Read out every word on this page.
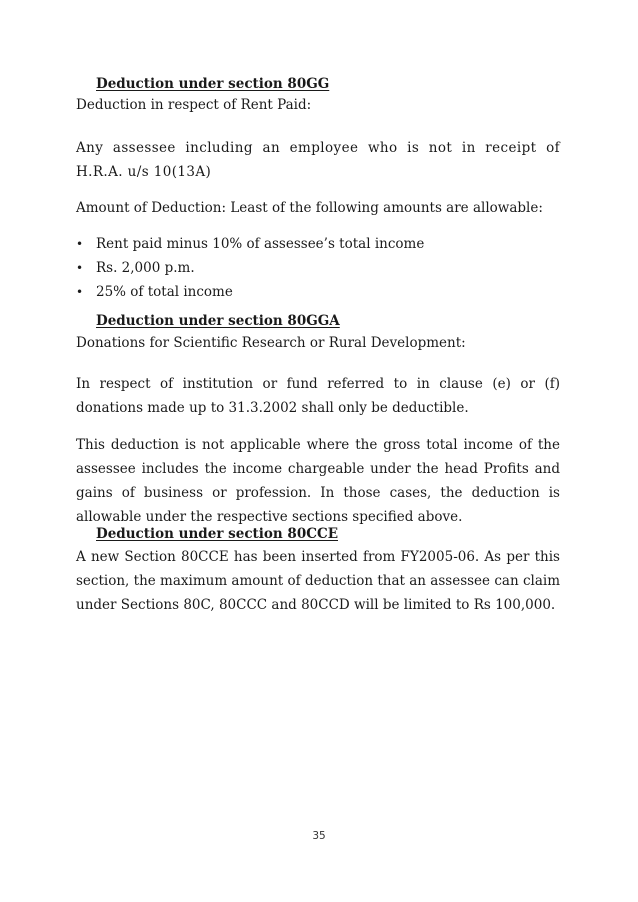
Deduction under section 80GG

Deduction in respect of Rent Paid:

Any assessee including an employee who is not in receipt of H.R.A. u/s 10(13A)

Amount of Deduction: Least of the following amounts are allowable:

• Rent paid minus 10% of assessee’s total income
• Rs. 2,000 p.m.
• 25% of total income
Deduction under section 80GGA

Donations for Scientific Research or Rural Development:

In respect of institution or fund referred to in clause (e) or (f) donations made up to 31.3.2002 shall only be deductible.

This deduction is not applicable where the gross total income of the assessee includes the income chargeable under the head Profits and gains of business or profession. In those cases, the deduction is allowable under the respective sections specified above.

Deduction under section 80CCE

A new Section 80CCE has been inserted from FY2005-06. As per this section, the maximum amount of deduction that an assessee can claim under Sections 80C, 80CCC and 80CCD will be limited to Rs 100,000.

35
